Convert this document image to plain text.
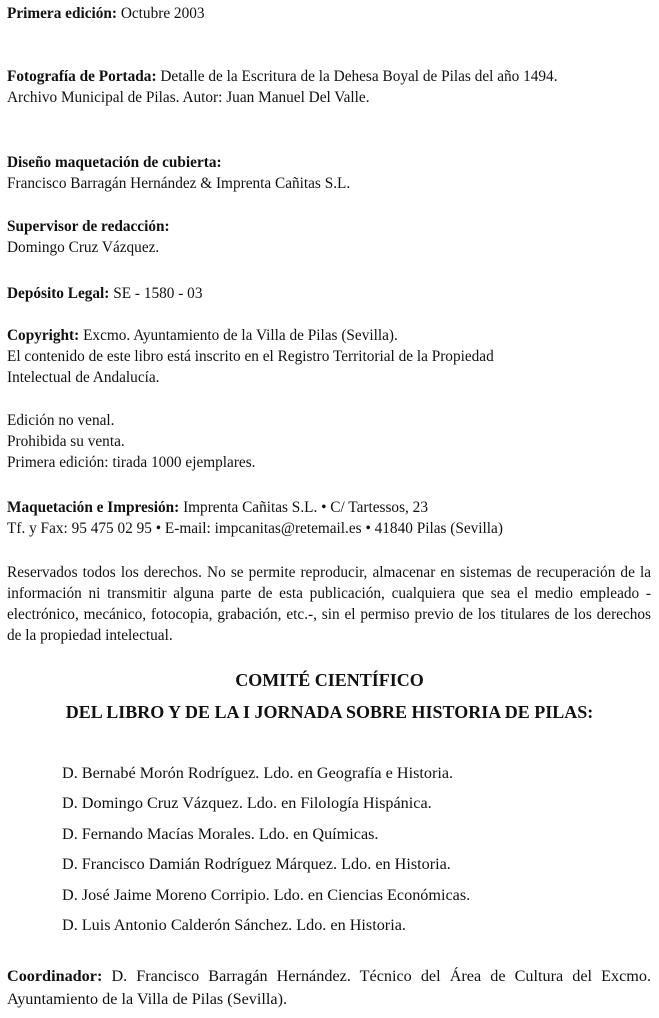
Primera edición: Octubre 2003

Fotografía de Portada: Detalle de la Escritura de la Dehesa Boyal de Pilas del año 1494.
Archivo Municipal de Pilas. Autor: Juan Manuel Del Valle.

Diseño maquetación de cubierta:
Francisco Barragán Hernández & Imprenta Cañitas S.L.

Supervisor de redacción:
Domingo Cruz Vázquez.

Depósito Legal: SE - 1580 - 03

Copyright: Excmo. Ayuntamiento de la Villa de Pilas (Sevilla).
El contenido de este libro está inscrito en el Registro Territorial de la Propiedad
Intelectual de Andalucía.

Edición no venal.
Prohibida su venta.
Primera edición: tirada 1000 ejemplares.

Maquetación e Impresión: Imprenta Cañitas S.L. • C/ Tartessos, 23
Tf. y Fax: 95 475 02 95 • E-mail: impcanitas@retemail.es • 41840 Pilas (Sevilla)

Reservados todos los derechos. No se permite reproducir, almacenar en sistemas de recuperación de la información ni transmitir alguna parte de esta publicación, cualquiera que sea el medio empleado -electrónico, mecánico, fotocopia, grabación, etc.-, sin el permiso previo de los titulares de los derechos de la propiedad intelectual.

COMITÉ CIENTÍFICO

DEL LIBRO Y DE LA I JORNADA SOBRE HISTORIA DE PILAS:

D. Bernabé Morón Rodríguez. Ldo. en Geografía e Historia.
D. Domingo Cruz Vázquez. Ldo. en Filología Hispánica.
D. Fernando Macías Morales. Ldo. en Químicas.
D. Francisco Damián Rodríguez Márquez. Ldo. en Historia.
D. José Jaime Moreno Corripio. Ldo. en Ciencias Económicas.
D. Luis Antonio Calderón Sánchez. Ldo. en Historia.

Coordinador: D. Francisco Barragán Hernández. Técnico del Área de Cultura del Excmo. Ayuntamiento de la Villa de Pilas (Sevilla).
